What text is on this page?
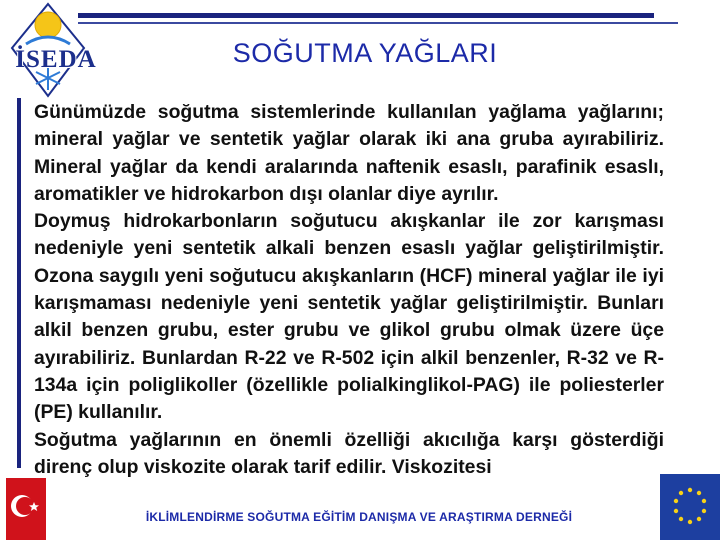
İSEDA	SOĞUTMA YAĞLARI

Günümüzde soğutma sistemlerinde kullanılan yağlama yağlarını; mineral yağlar ve sentetik yağlar olarak iki ana gruba ayırabiliriz. Mineral yağlar da kendi aralarında naftenik esaslı, parafinik esaslı, aromatikler ve hidrokarbon dışı olanlar diye ayrılır.

Doymuş hidrokarbonların soğutucu akışkanlar ile zor karışması nedeniyle yeni sentetik alkali benzen esaslı yağlar geliştirilmiştir. Ozona saygılı yeni soğutucu akışkanların (HCF) mineral yağlar ile iyi karışmaması nedeniyle yeni sentetik yağlar geliştirilmiştir. Bunları alkil benzen grubu, ester grubu ve glikol grubu olmak üzere üçe ayırabiliriz. Bunlardan R-22 ve R-502 için alkil benzenler, R-32 ve R-134a için poliglikoller (özellikle polialkinglikol-PAG) ile poliesterler (PE) kullanılır.

Soğutma yağlarının en önemli özelliği akıcılığa karşı gösterdiği direnç olup viskozite olarak tarif edilir. Viskozitesi

İKLİMLENDİRME SOĞUTMA EĞİTİM DANIŞMA VE ARAŞTIRMA DERNEĞİ
